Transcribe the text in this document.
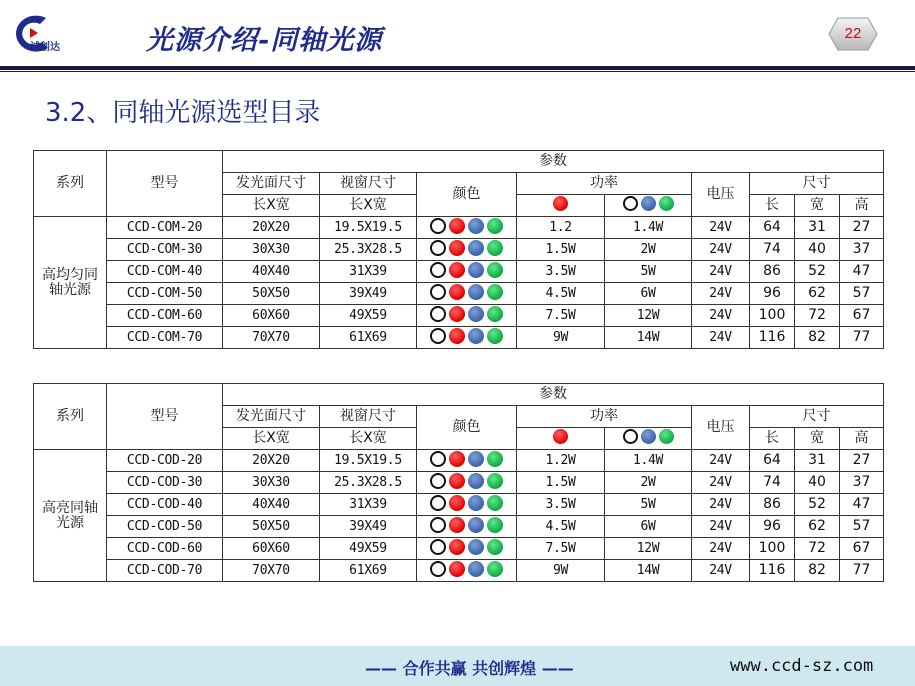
诚创达	光源介绍-同轴光源	22
3.2、同轴光源选型目录
系列	型号	参数								
		发光面尺寸	视窗尺寸	颜色	功率		电压	尺寸		
		长X宽	长X宽					长	宽	高
高均匀同轴光源	CCD-COM-20	20X20	19.5X19.5		1.2	1.4W	24V	64	31	27
	CCD-COM-30	30X30	25.3X28.5		1.5W	2W	24V	74	40	37
	CCD-COM-40	40X40	31X39		3.5W	5W	24V	86	52	47
	CCD-COM-50	50X50	39X49		4.5W	6W	24V	96	62	57
	CCD-COM-60	60X60	49X59		7.5W	12W	24V	100	72	67
	CCD-COM-70	70X70	61X69		9W	14W	24V	116	82	77
系列	型号	参数								
		发光面尺寸	视窗尺寸	颜色	功率		电压	尺寸		
		长X宽	长X宽					长	宽	高
高亮同轴光源	CCD-COD-20	20X20	19.5X19.5		1.2W	1.4W	24V	64	31	27
	CCD-COD-30	30X30	25.3X28.5		1.5W	2W	24V	74	40	37
	CCD-COD-40	40X40	31X39		3.5W	5W	24V	86	52	47
	CCD-COD-50	50X50	39X49		4.5W	6W	24V	96	62	57
	CCD-COD-60	60X60	49X59		7.5W	12W	24V	100	72	67
	CCD-COD-70	70X70	61X69		9W	14W	24V	116	82	77
—— 合作共赢 共创辉煌 ——	www.ccd-sz.com
